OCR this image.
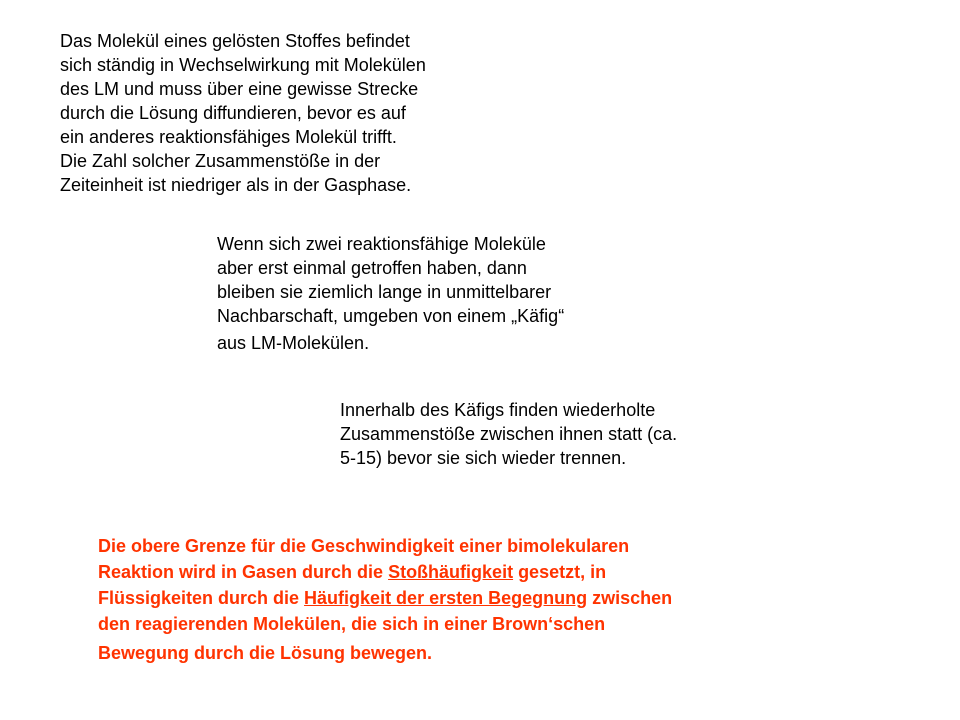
Das Molekül eines gelösten Stoffes befindet
sich ständig in Wechselwirkung mit Molekülen
des LM und muss über eine gewisse Strecke
durch die Lösung diffundieren, bevor es auf
ein anderes reaktionsfähiges Molekül trifft.
Die Zahl solcher Zusammenstöße in der
Zeiteinheit ist niedriger als in der Gasphase.
Wenn sich zwei reaktionsfähige Moleküle
aber erst einmal getroffen haben, dann
bleiben sie ziemlich lange in unmittelbarer
Nachbarschaft, umgeben von einem „Käfig“
aus LM-Molekülen.
Innerhalb des Käfigs finden wiederholte
Zusammenstöße zwischen ihnen statt (ca.
5-15) bevor sie sich wieder trennen.
Die obere Grenze für die Geschwindigkeit einer bimolekularen
Reaktion wird in Gasen durch die Stoßhäufigkeit gesetzt, in
Flüssigkeiten durch die Häufigkeit der ersten Begegnung zwischen
den reagierenden Molekülen, die sich in einer Brown‘schen
Bewegung durch die Lösung bewegen.
